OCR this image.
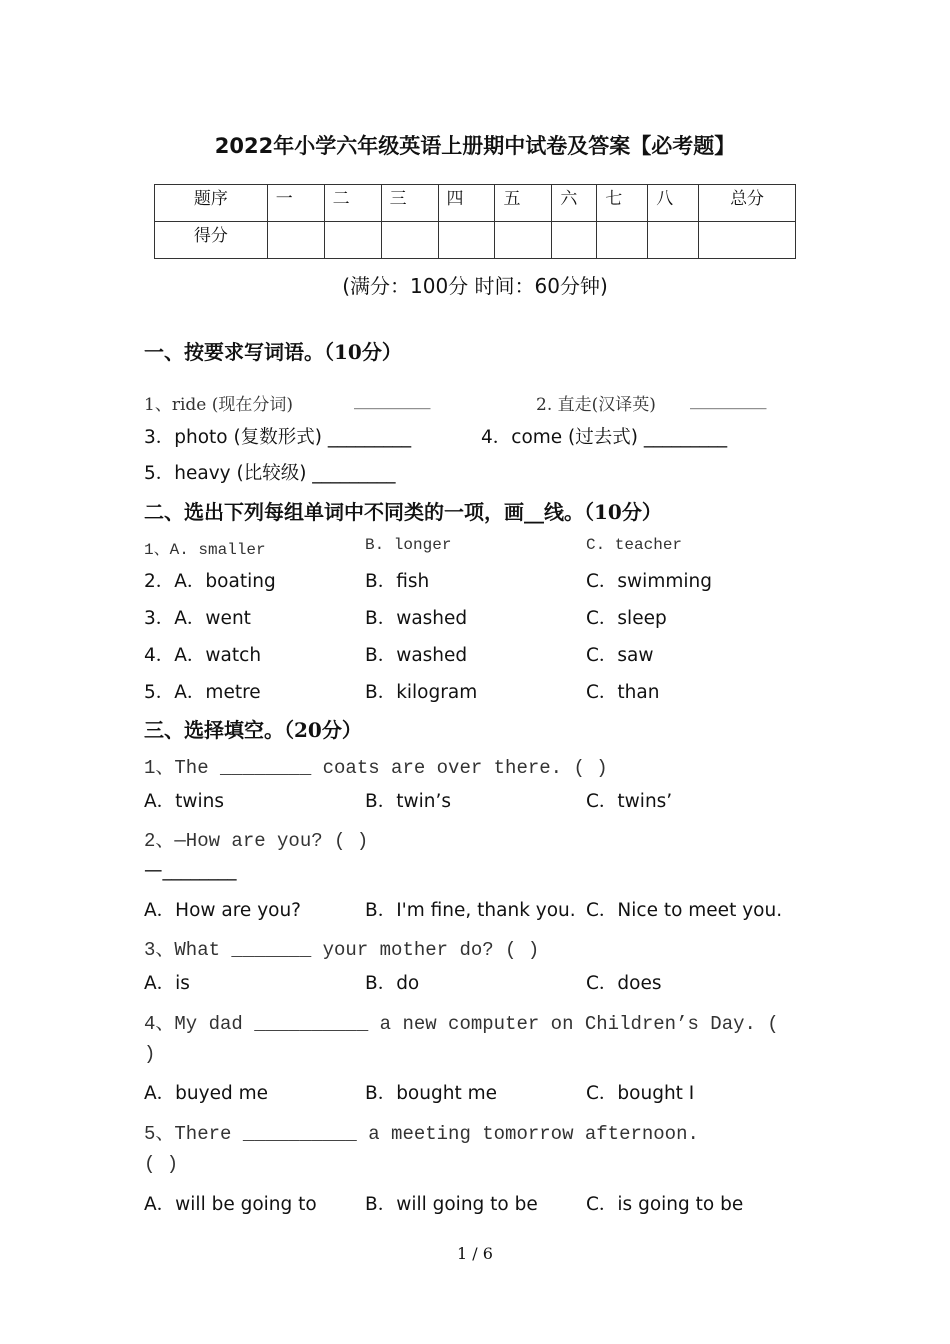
2022年小学六年级英语上册期中试卷及答案【必考题】
题序	一	二	三	四	五	六	七	八	总分
得分									
(满分：100分 时间：60分钟)
一、按要求写词语。（10分）
1、ride (现在分词)	_________	2. 直走(汉译英) _________
3．photo (复数形式) _________	4．come (过去式) _________
5．heavy (比较级) _________
二、选出下列每组单词中不同类的一项，画__线。（10分）
1、A. smaller	B. longer	C. teacher
2．A．boating	B．fish	C．swimming
3．A．went	B．washed	C．sleep
4．A．watch	B．washed	C．saw
5．A．metre	B．kilogram	C．than
三、选择填空。（20分）
1、The ________ coats are over there. ( )
A．twins	B．twin’s	C．twins’
2、—How are you? ( )
—________
A．How are you?	B．I'm fine, thank you. C．Nice to meet you.
3、What _______ your mother do? ( )
A．is	B．do	C．does
4、My dad __________ a new computer on Children’s Day. (
)
A．buyed me	B．bought me	C．bought I
5、There __________ a meeting tomorrow afternoon.
( )
A．will be going to	B．will going to be	C．is going to be
1 / 6
